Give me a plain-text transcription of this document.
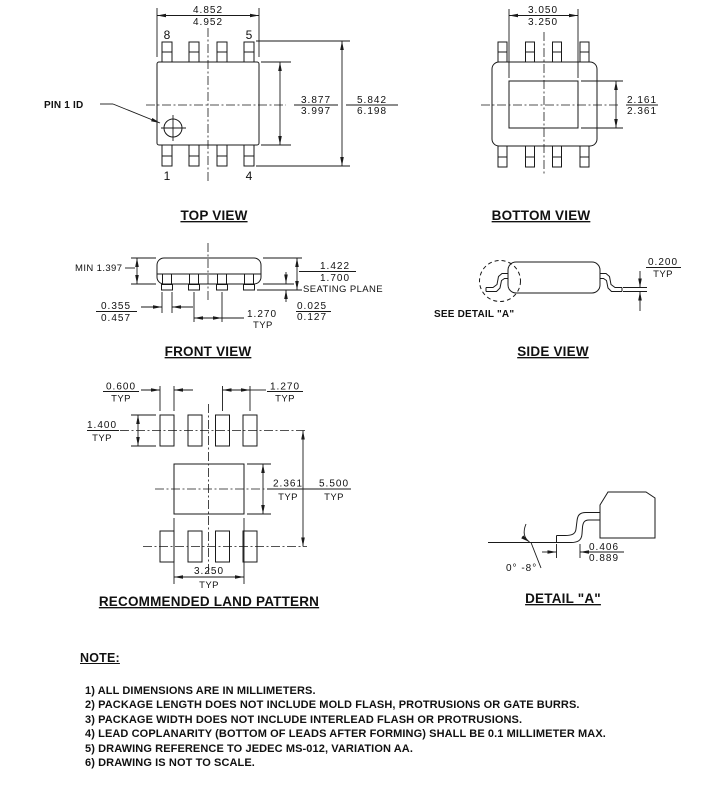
PIN 1 ID
8	5
1	4
4.852
4.952
3.877
3.997
5.842
6.198
TOP VIEW
3.050
3.250
2.161
2.361
BOTTOM VIEW
MIN 1.397	1.422
1.700
SEATING PLANE
0.025
0.127
0.355
0.457	1.270
TYP
FRONT VIEW
SEE DETAIL "A"
0.200
TYP
SIDE VIEW
0.600
TYP
1.270
TYP
1.400
TYP
2.361
TYP
5.500
TYP
3.250
TYP
RECOMMENDED LAND PATTERN
0° -8°
0.406
0.889
DETAIL "A"
NOTE:
1) ALL DIMENSIONS ARE IN MILLIMETERS.
2) PACKAGE LENGTH DOES NOT INCLUDE MOLD FLASH, PROTRUSIONS OR GATE BURRS.
3) PACKAGE WIDTH DOES NOT INCLUDE INTERLEAD FLASH OR PROTRUSIONS.
4) LEAD COPLANARITY (BOTTOM OF LEADS AFTER FORMING) SHALL BE 0.1 MILLIMETER MAX.
5) DRAWING REFERENCE TO JEDEC MS-012, VARIATION AA.
6) DRAWING IS NOT TO SCALE.
